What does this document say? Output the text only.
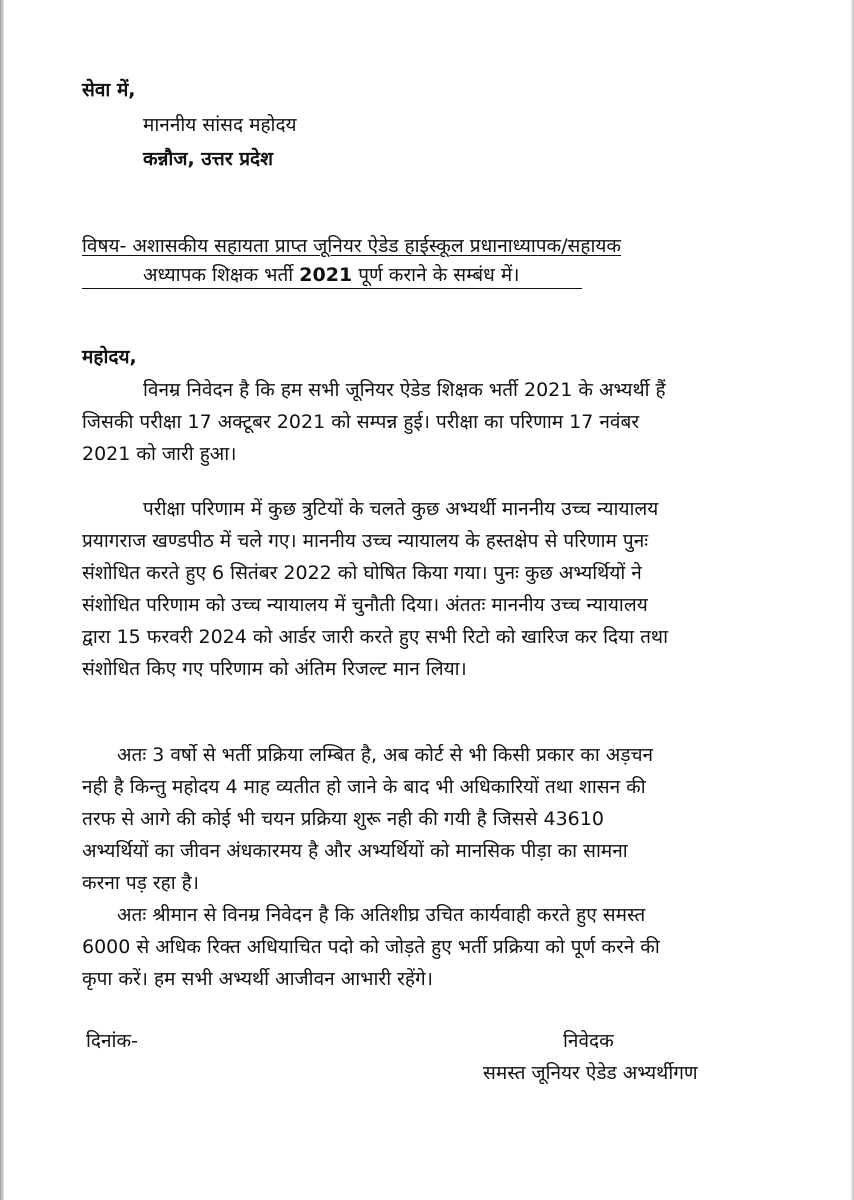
सेवा में,
माननीय सांसद महोदय
कन्नौज, उत्तर प्रदेश
विषय- अशासकीय सहायता प्राप्त जूनियर ऐडेड हाईस्कूल प्रधानाध्यापक/सहायक
अध्यापक शिक्षक भर्ती 2021 पूर्ण कराने के सम्बंध में।
महोदय,
विनम्र निवेदन है कि हम सभी जूनियर ऐडेड शिक्षक भर्ती 2021 के अभ्यर्थी हैं
जिसकी परीक्षा 17 अक्टूबर 2021 को सम्पन्न हुई। परीक्षा का परिणाम 17 नवंबर
2021 को जारी हुआ।
परीक्षा परिणाम में कुछ त्रुटियों के चलते कुछ अभ्यर्थी माननीय उच्च न्यायालय
प्रयागराज खण्डपीठ में चले गए। माननीय उच्च न्यायालय के हस्तक्षेप से परिणाम पुनः
संशोधित करते हुए 6 सितंबर 2022 को घोषित किया गया। पुनः कुछ अभ्यर्थियों ने
संशोधित परिणाम को उच्च न्यायालय में चुनौती दिया। अंततः माननीय उच्च न्यायालय
द्वारा 15 फरवरी 2024 को आर्डर जारी करते हुए सभी रिटो को खारिज कर दिया तथा
संशोधित किए गए परिणाम को अंतिम रिजल्ट मान लिया।
अतः 3 वर्षो से भर्ती प्रक्रिया लम्बित है, अब कोर्ट से भी किसी प्रकार का अड़चन
नही है किन्तु महोदय 4 माह व्यतीत हो जाने के बाद भी अधिकारियों तथा शासन की
तरफ से आगे की कोई भी चयन प्रक्रिया शुरू नही की गयी है जिससे 43610
अभ्यर्थियों का जीवन अंधकारमय है और अभ्यर्थियों को मानसिक पीड़ा का सामना
करना पड़ रहा है।
अतः श्रीमान से विनम्र निवेदन है कि अतिशीघ्र उचित कार्यवाही करते हुए समस्त
6000 से अधिक रिक्त अधियाचित पदो को जोड़ते हुए भर्ती प्रक्रिया को पूर्ण करने की
कृपा करें। हम सभी अभ्यर्थी आजीवन आभारी रहेंगे।
दिनांक-	निवेदक
समस्त जूनियर ऐडेड अभ्यर्थीगण
